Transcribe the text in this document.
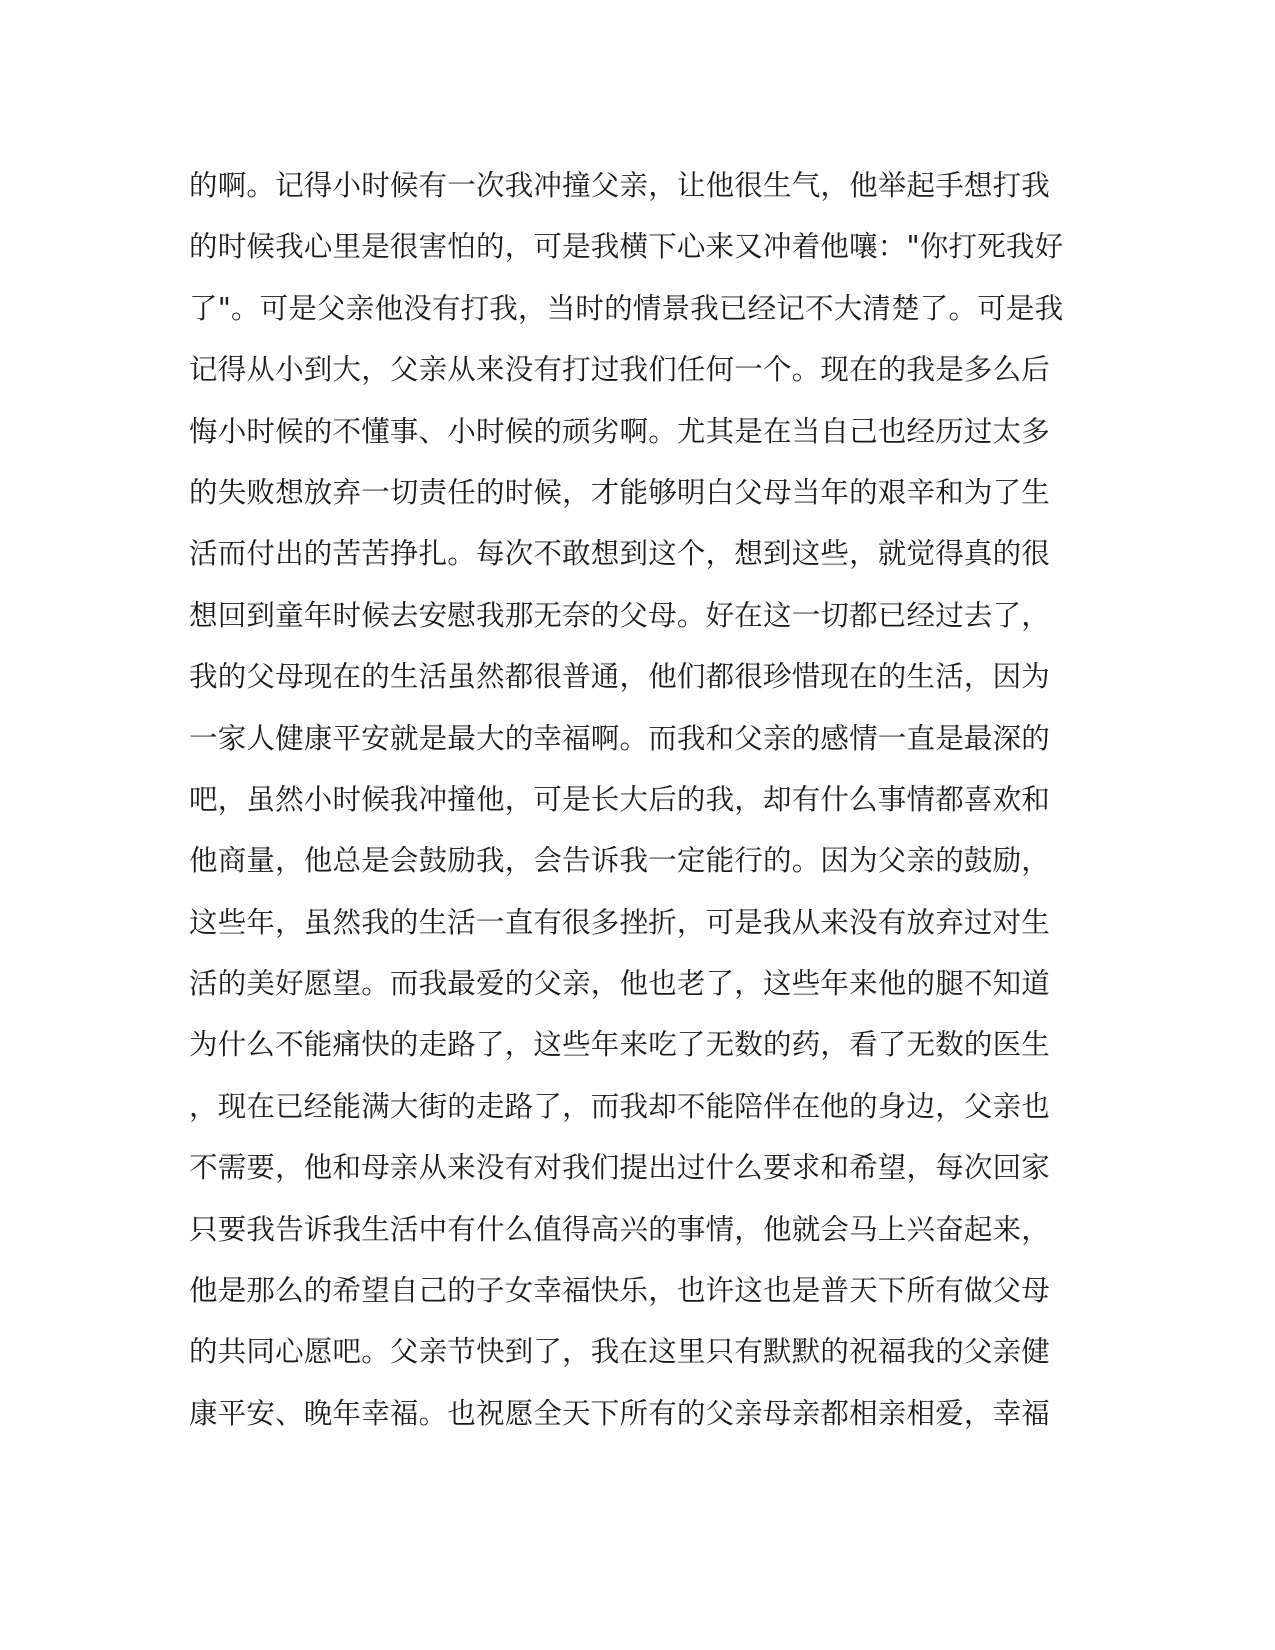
的啊。记得小时候有一次我冲撞父亲，让他很生气，他举起手想打我
的时候我心里是很害怕的，可是我横下心来又冲着他嚷："你打死我好
了"。可是父亲他没有打我，当时的情景我已经记不大清楚了。可是我
记得从小到大，父亲从来没有打过我们任何一个。现在的我是多么后
悔小时候的不懂事、小时候的顽劣啊。尤其是在当自己也经历过太多
的失败想放弃一切责任的时候，才能够明白父母当年的艰辛和为了生
活而付出的苦苦挣扎。每次不敢想到这个，想到这些，就觉得真的很
想回到童年时候去安慰我那无奈的父母。好在这一切都已经过去了，
我的父母现在的生活虽然都很普通，他们都很珍惜现在的生活，因为
一家人健康平安就是最大的幸福啊。而我和父亲的感情一直是最深的
吧，虽然小时候我冲撞他，可是长大后的我，却有什么事情都喜欢和
他商量，他总是会鼓励我，会告诉我一定能行的。因为父亲的鼓励，
这些年，虽然我的生活一直有很多挫折，可是我从来没有放弃过对生
活的美好愿望。而我最爱的父亲，他也老了，这些年来他的腿不知道
为什么不能痛快的走路了，这些年来吃了无数的药，看了无数的医生
，现在已经能满大街的走路了，而我却不能陪伴在他的身边，父亲也
不需要，他和母亲从来没有对我们提出过什么要求和希望，每次回家
只要我告诉我生活中有什么值得高兴的事情，他就会马上兴奋起来，
他是那么的希望自己的子女幸福快乐，也许这也是普天下所有做父母
的共同心愿吧。父亲节快到了，我在这里只有默默的祝福我的父亲健
康平安、晚年幸福。也祝愿全天下所有的父亲母亲都相亲相爱，幸福
